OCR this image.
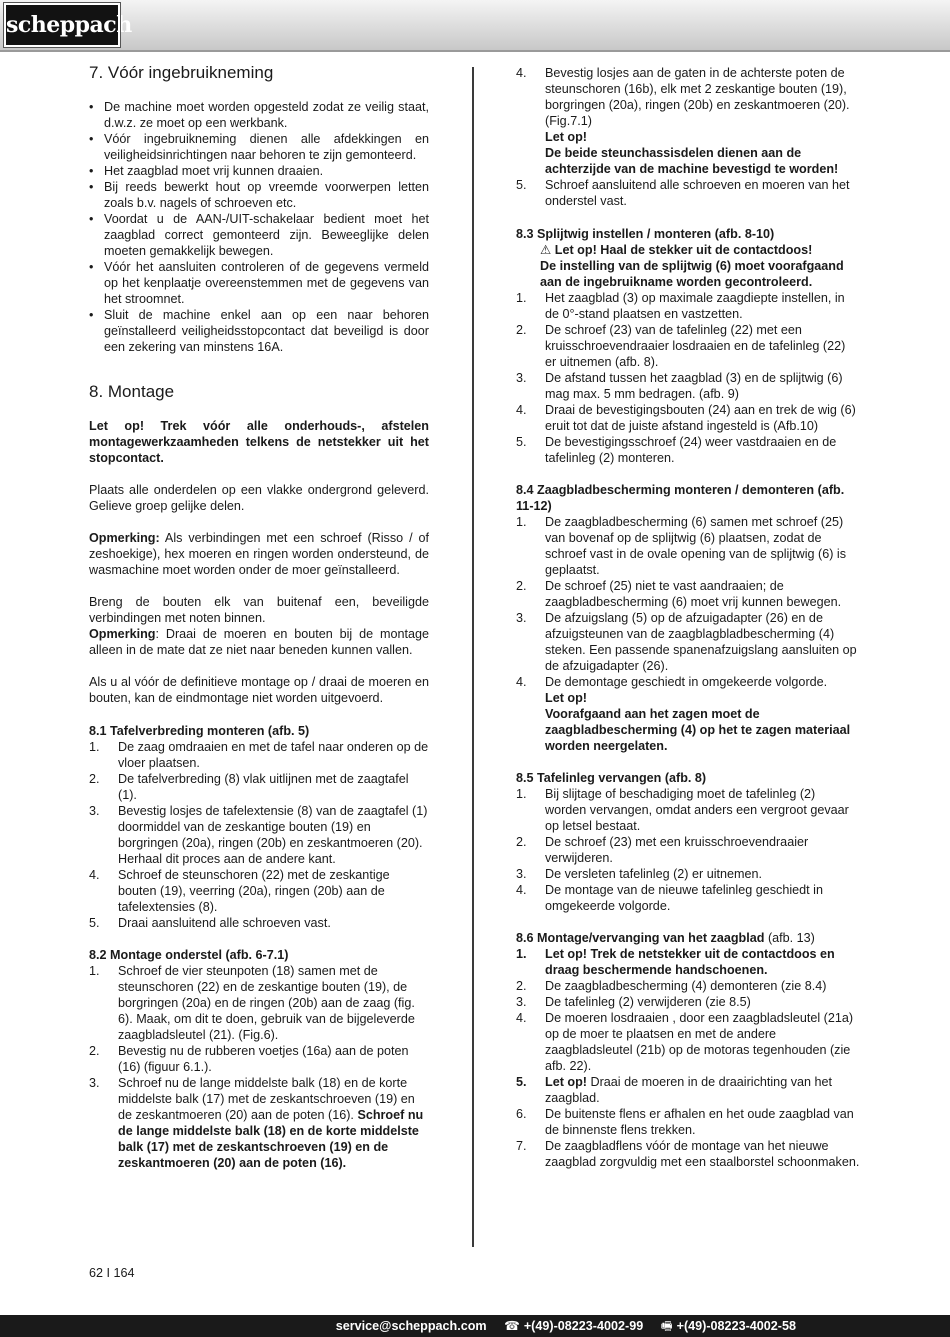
scheppach
7. Vóór ingebruikneming
• De machine moet worden opgesteld zodat ze veilig staat, d.w.z. ze moet op een werkbank.
• Vóór ingebruikneming dienen alle afdekkingen en veiligheidsinrichtingen naar behoren te zijn gemonteerd.
• Het zaagblad moet vrij kunnen draaien.
• Bij reeds bewerkt hout op vreemde voorwerpen letten zoals b.v. nagels of schroeven etc.
• Voordat u de AAN-/UIT-schakelaar bedient moet het zaagblad correct gemonteerd zijn. Beweeglijke delen moeten gemakkelijk bewegen.
• Vóór het aansluiten controleren of de gegevens vermeld op het kenplaatje overeenstemmen met de gegevens van het stroomnet.
• Sluit de machine enkel aan op een naar behoren geïnstalleerd veiligheidsstopcontact dat beveiligd is door een zekering van minstens 16A.
8. Montage

Let op! Trek vóór alle onderhouds-, afstelen montagewerkzaamheden telkens de netstekker uit het stopcontact.

Plaats alle onderdelen op een vlakke ondergrond geleverd. Gelieve groep gelijke delen.

Opmerking: Als verbindingen met een schroef (Risso / of zeshoekige), hex moeren en ringen worden ondersteund, de wasmachine moet worden onder de moer geïnstalleerd.

Breng de bouten elk van buitenaf een, beveiligde verbindingen met noten binnen.

Opmerking: Draai de moeren en bouten bij de montage alleen in de mate dat ze niet naar beneden kunnen vallen.

Als u al vóór de definitieve montage op / draai de moeren en bouten, kan de eindmontage niet worden uitgevoerd.

8.1 Tafelverbreding monteren (afb. 5)
1. De zaag omdraaien en met de tafel naar onderen op de vloer plaatsen.
2. De tafelverbreding (8) vlak uitlijnen met de zaagtafel (1).
3. Bevestig losjes de tafelextensie (8) van de zaagtafel (1) doormiddel van de zeskantige bouten (19) en borgringen (20a), ringen (20b) en zeskantmoeren (20). Herhaal dit proces aan de andere kant.
4. Schroef de steunschoren (22) met de zeskantige bouten (19), veerring (20a), ringen (20b) aan de tafelextensies (8).
5. Draai aansluitend alle schroeven vast.
8.2 Montage onderstel (afb. 6-7.1)
1. Schroef de vier steunpoten (18) samen met de steunschoren (22) en de zeskantige bouten (19), de borgringen (20a) en de ringen (20b) aan de zaag (fig. 6). Maak, om dit te doen, gebruik van de bijgeleverde zaagbladsleutel (21). (Fig.6).
2. Bevestig nu de rubberen voetjes (16a) aan de poten (16) (figuur 6.1.).
3. Schroef nu de lange middelste balk (18) en de korte middelste balk (17) met de zeskantschroeven (19) en de zeskantmoeren (20) aan de poten (16). Schroef nu de lange middelste balk (18) en de korte middelste balk (17) met de zeskantschroeven (19) en de zeskantmoeren (20) aan de poten (16).
4. Bevestig losjes aan de gaten in de achterste poten de steunschoren (16b), elk met 2 zeskantige bouten (19), borgringen (20a), ringen (20b) en zeskantmoeren (20). (Fig.7.1)
Let op!
De beide steunchassisdelen dienen aan de achterzijde van de machine bevestigd te worden!
5. Schroef aansluitend alle schroeven en moeren van het onderstel vast.
8.3 Splijtwig instellen / monteren (afb. 8-10)

⚠ Let op! Haal de stekker uit de contactdoos!

De instelling van de splijtwig (6) moet voorafgaand aan de ingebruikname worden gecontroleerd.

1. Het zaagblad (3) op maximale zaagdiepte instellen, in de 0°-stand plaatsen en vastzetten.
2. De schroef (23) van de tafelinleg (22) met een kruisschroevendraaier losdraaien en de tafelinleg (22) er uitnemen (afb. 8).
3. De afstand tussen het zaagblad (3) en de splijtwig (6) mag max. 5 mm bedragen. (afb. 9)
4. Draai de bevestigingsbouten (24) aan en trek de wig (6) eruit tot dat de juiste afstand ingesteld is (Afb.10)
5. De bevestigingsschroef (24) weer vastdraaien en de tafelinleg (2) monteren.
8.4 Zaagbladbescherming monteren / demonteren (afb. 11-12)
1. De zaagbladbescherming (6) samen met schroef (25) van bovenaf op de splijtwig (6) plaatsen, zodat de schroef vast in de ovale opening van de splijtwig (6) is geplaatst.
2. De schroef (25) niet te vast aandraaien; de zaagbladbescherming (6) moet vrij kunnen bewegen.
3. De afzuigslang (5) op de afzuigadapter (26) en de afzuigsteunen van de zaagblagbladbescherming (4) steken. Een passende spanenafzuigslang aansluiten op de afzuigadapter (26).
4. De demontage geschiedt in omgekeerde volgorde.
Let op!
Voorafgaand aan het zagen moet de zaagbladbescherming (4) op het te zagen materiaal worden neergelaten.
8.5 Tafelinleg vervangen (afb. 8)
1. Bij slijtage of beschadiging moet de tafelinleg (2) worden vervangen, omdat anders een vergroot gevaar op letsel bestaat.
2. De schroef (23) met een kruisschroevendraaier verwijderen.
3. De versleten tafelinleg (2) er uitnemen.
4. De montage van de nieuwe tafelinleg geschiedt in omgekeerde volgorde.
8.6 Montage/vervanging van het zaagblad (afb. 13)
1. Let op! Trek de netstekker uit de contactdoos en draag beschermende handschoenen.
2. De zaagbladbescherming (4) demonteren (zie 8.4)
3. De tafelinleg (2) verwijderen (zie 8.5)
4. De moeren losdraaien , door een zaagbladsleutel (21a) op de moer te plaatsen en met de andere zaagbladsleutel (21b) op de motoras tegenhouden (zie afb. 22).
5. Let op! Draai de moeren in de draairichting van het zaagblad.
6. De buitenste flens er afhalen en het oude zaagblad van de binnenste flens trekken.
7. De zaagbladflens vóór de montage van het nieuwe zaagblad zorgvuldig met een staalborstel schoonmaken.
62 I 164
service@scheppach.com ☎ +(49)-08223-4002-99 🖷 +(49)-08223-4002-58
